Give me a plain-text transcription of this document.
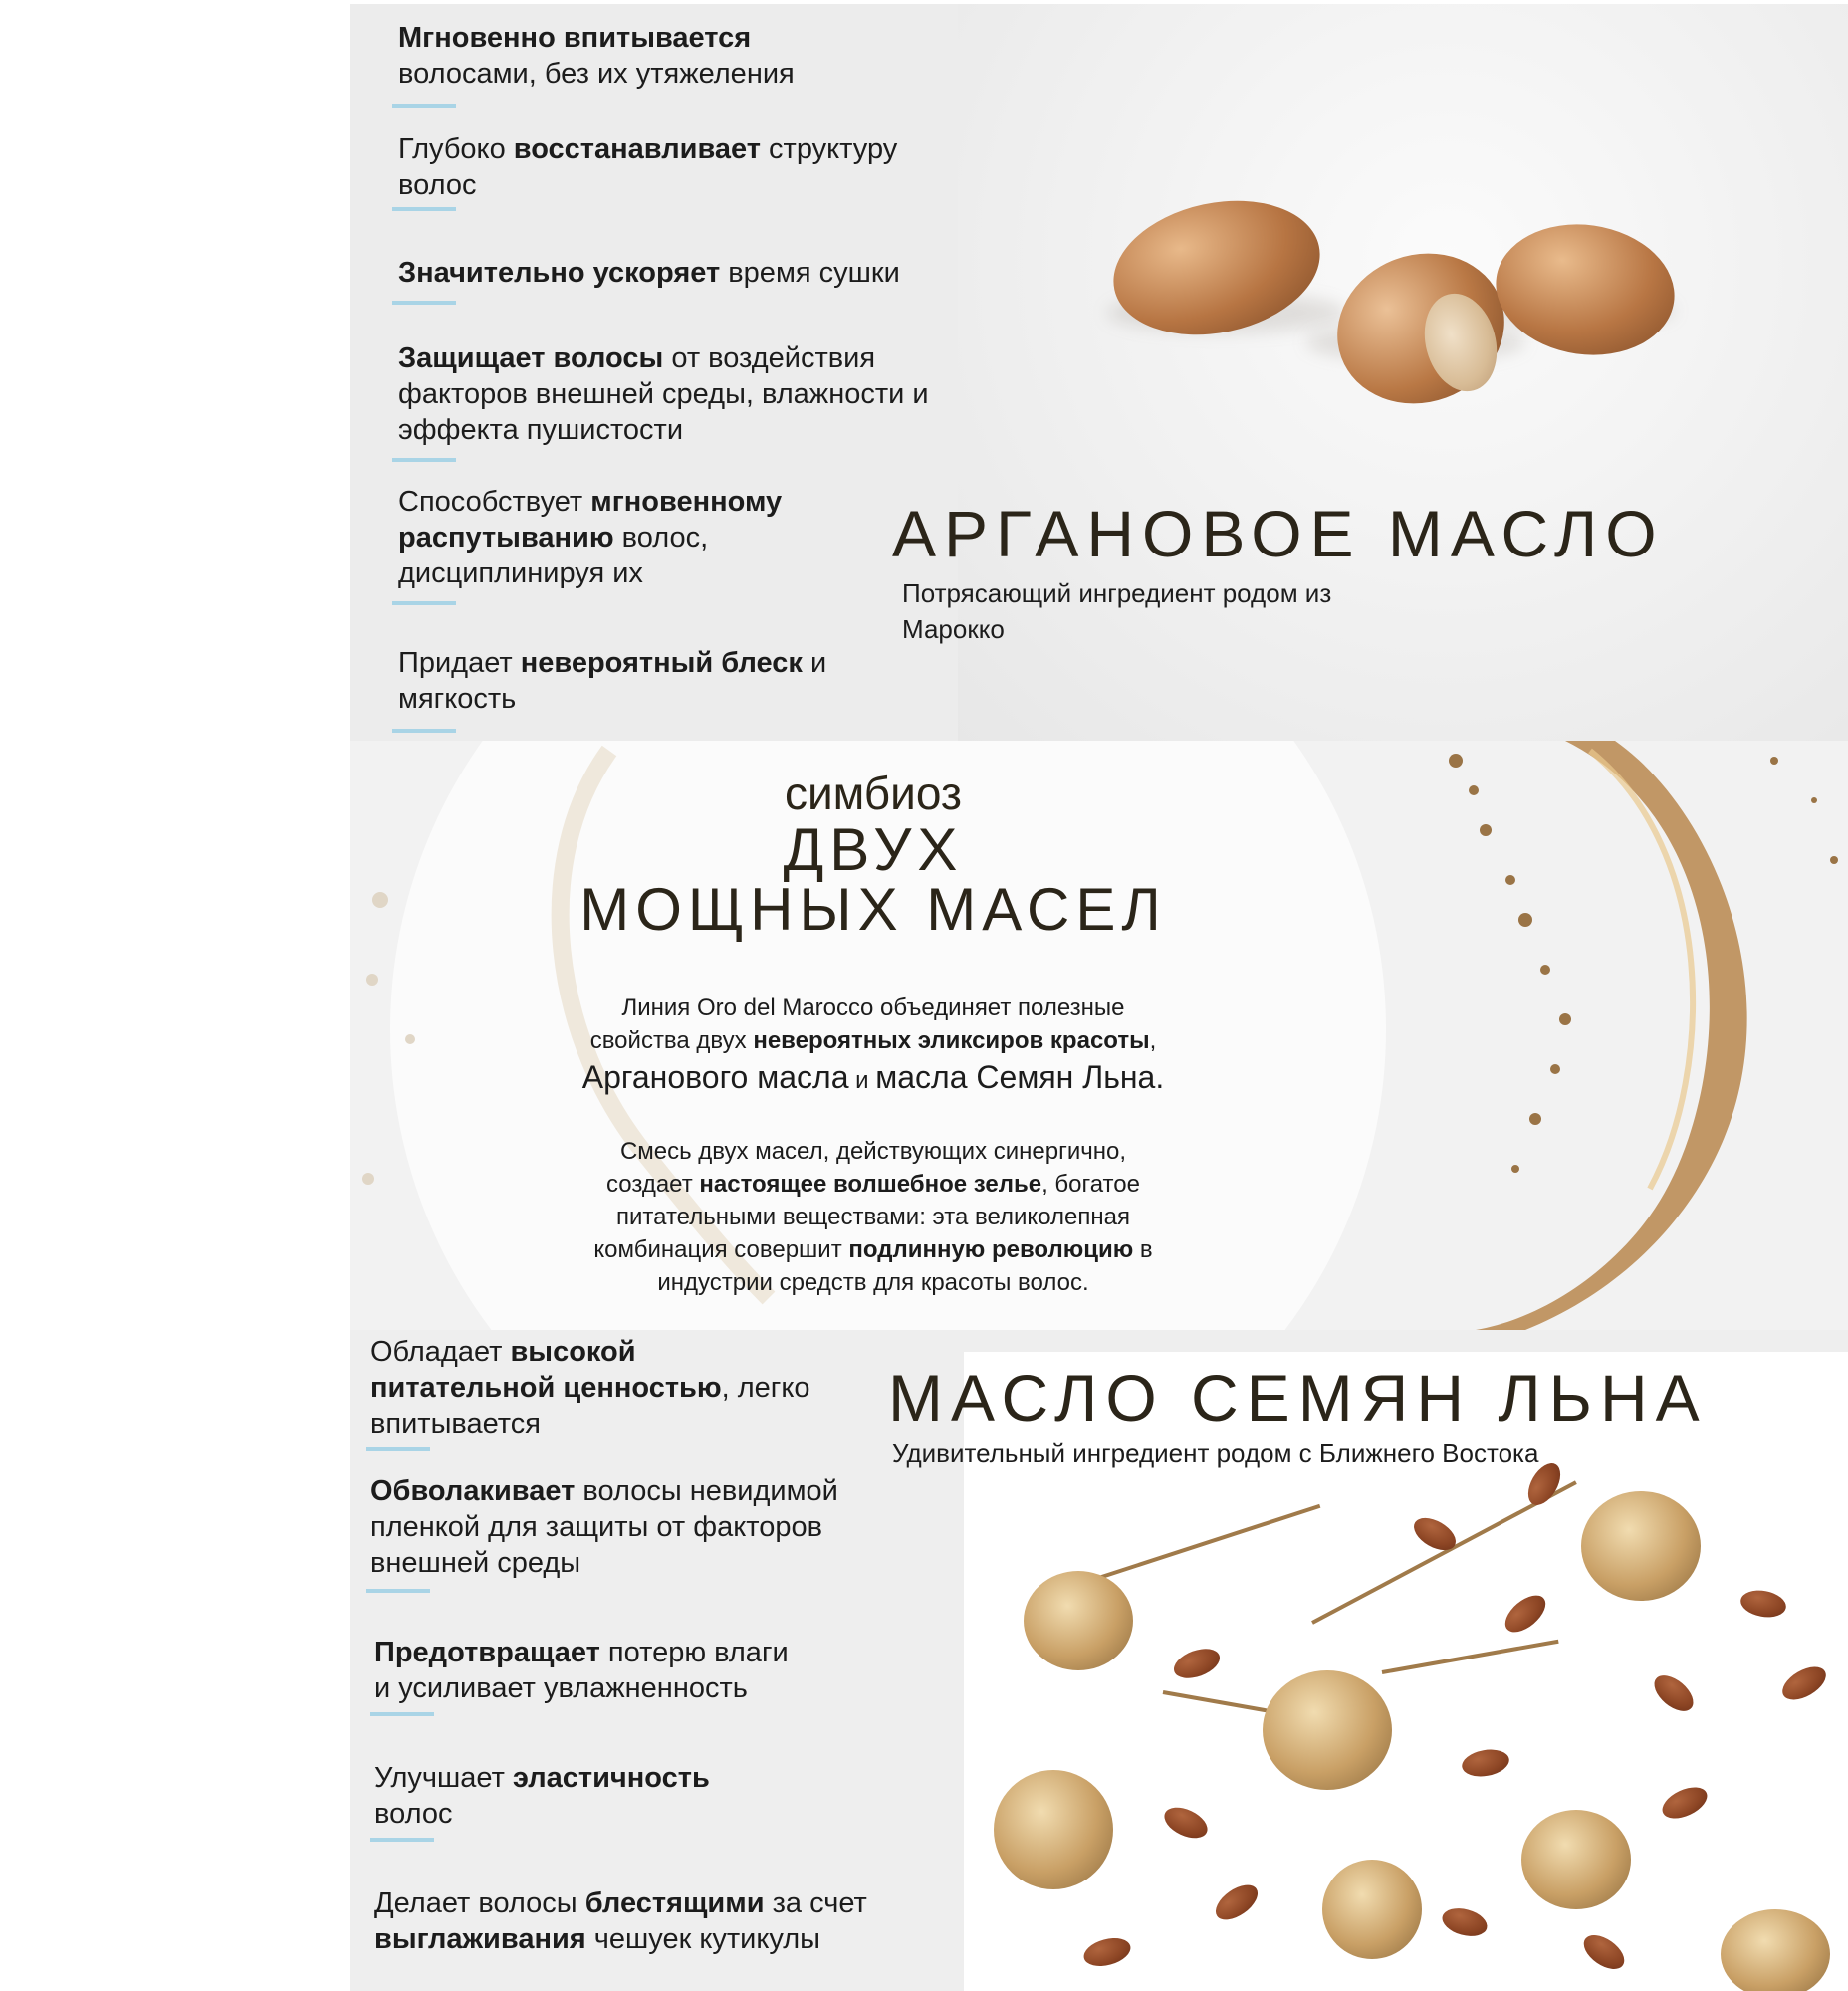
Мгновенно впитывается
волосами, без их утяжеления
Глубоко восстанавливает структуру
волос
Значительно ускоряет время сушки
Защищает волосы от воздействия
факторов внешней среды, влажности и
эффекта пушистости
Способствует мгновенному
распутыванию волос,
дисциплинируя их
Придает невероятный блеск и
мягкость
АРГАНОВОЕ МАСЛО
Потрясающий ингредиент родом из
Марокко
симбиоз
ДВУХ
МОЩНЫХ МАСЕЛ
Линия Oro del Marocco объединяет полезные
свойства двух невероятных эликсиров красоты,
Арганового масла и масла Семян Льна.
Смесь двух масел, действующих синергично,
создает настоящее волшебное зелье, богатое
питательными веществами: эта великолепная
комбинация совершит подлинную революцию в
индустрии средств для красоты волос.
Обладает высокой
питательной ценностью, легко
впитывается
Обволакивает волосы невидимой
пленкой для защиты от факторов
внешней среды
Предотвращает потерю влаги
и усиливает увлажненность
Улучшает эластичность
волос
Делает волосы блестящими за счет
выглаживания чешуек кутикулы
МАСЛО СЕМЯН ЛЬНА
Удивительный ингредиент родом с Ближнего Востока
